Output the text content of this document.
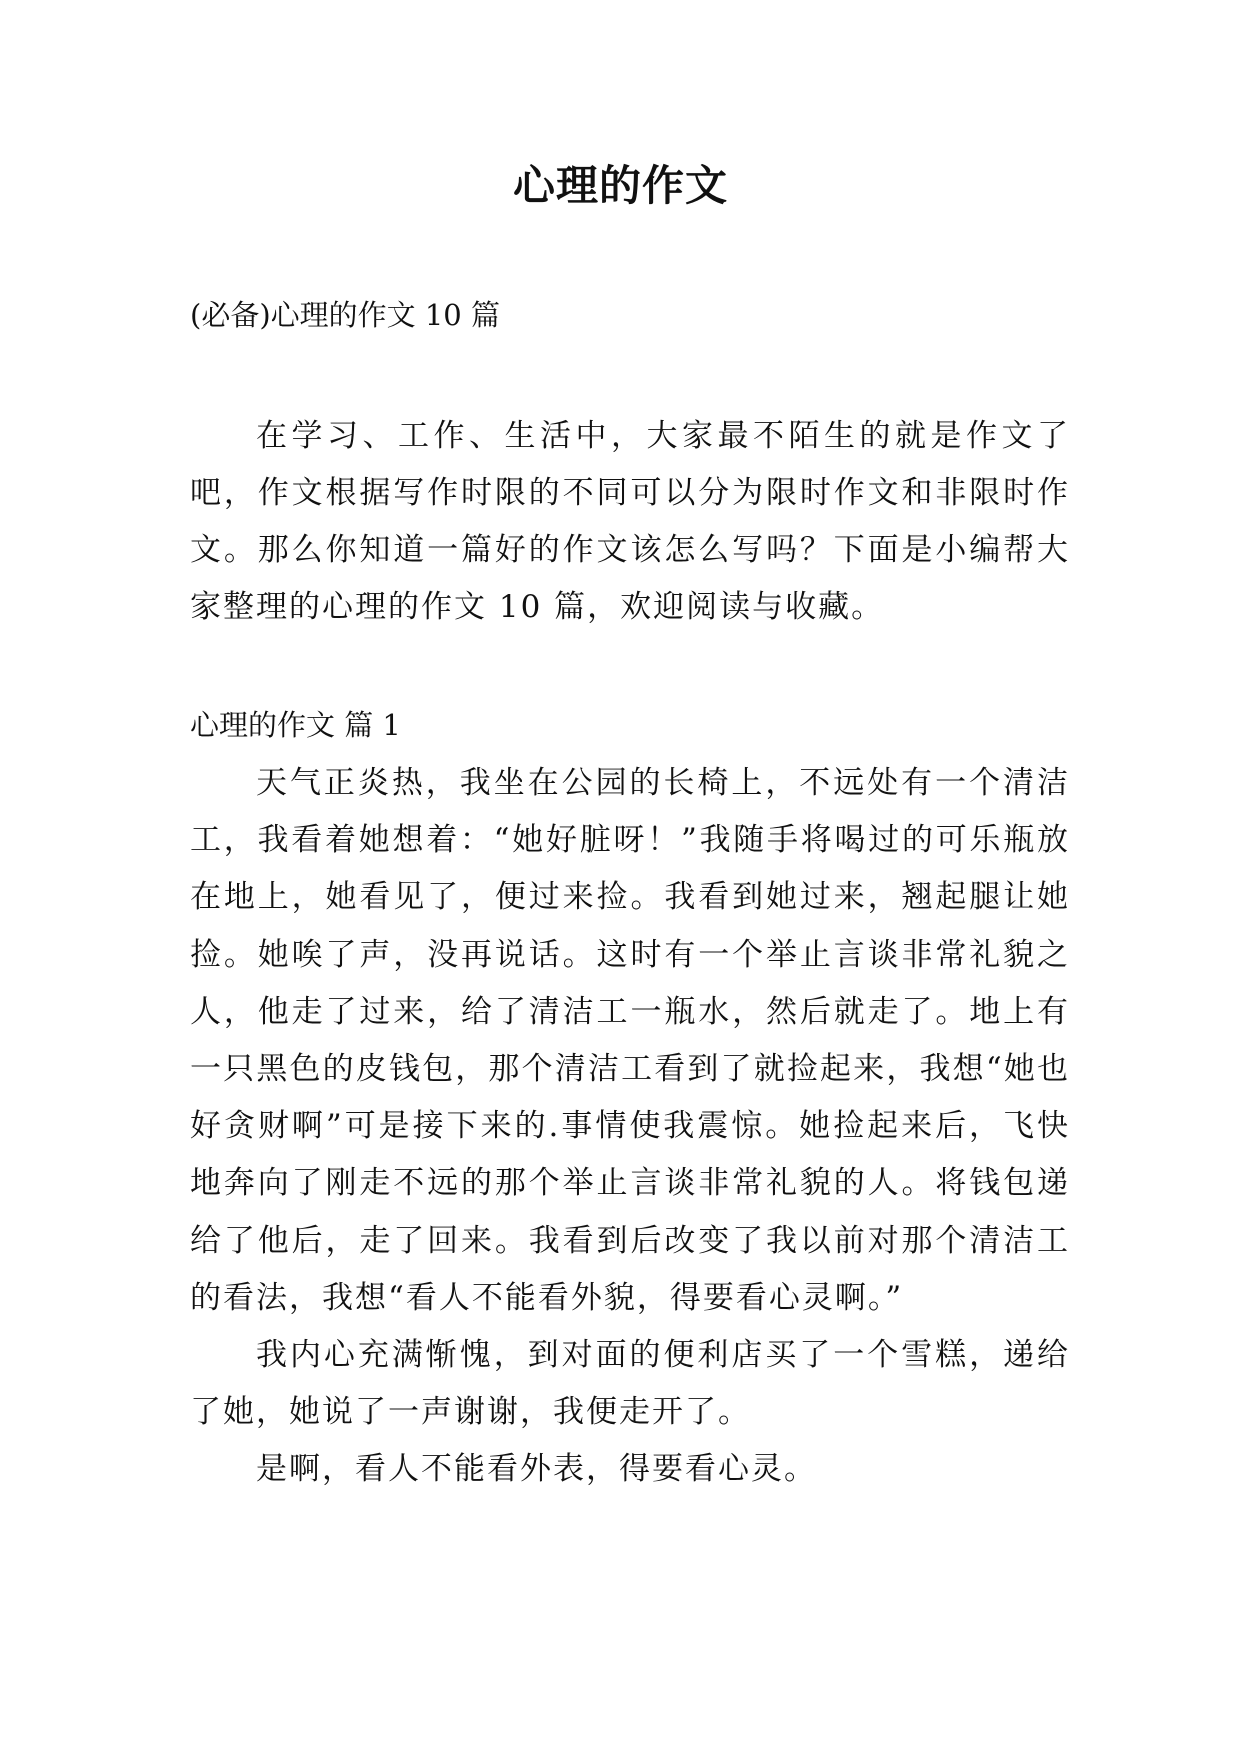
心理的作文
(必备)心理的作文 10 篇

在学习、工作、生活中，大家最不陌生的就是作文了吧，作文根据写作时限的不同可以分为限时作文和非限时作文。那么你知道一篇好的作文该怎么写吗？下面是小编帮大家整理的心理的作文 10 篇，欢迎阅读与收藏。

心理的作文 篇 1

天气正炎热，我坐在公园的长椅上，不远处有一个清洁工，我看着她想着：“她好脏呀！”我随手将喝过的可乐瓶放在地上，她看见了，便过来捡。我看到她过来，翘起腿让她捡。她唉了声，没再说话。这时有一个举止言谈非常礼貌之人，他走了过来，给了清洁工一瓶水，然后就走了。地上有一只黑色的皮钱包，那个清洁工看到了就捡起来，我想“她也好贪财啊”可是接下来的.事情使我震惊。她捡起来后，飞快地奔向了刚走不远的那个举止言谈非常礼貌的人。将钱包递给了他后，走了回来。我看到后改变了我以前对那个清洁工的看法，我想“看人不能看外貌，得要看心灵啊。”

我内心充满惭愧，到对面的便利店买了一个雪糕，递给了她，她说了一声谢谢，我便走开了。

是啊，看人不能看外表，得要看心灵。
